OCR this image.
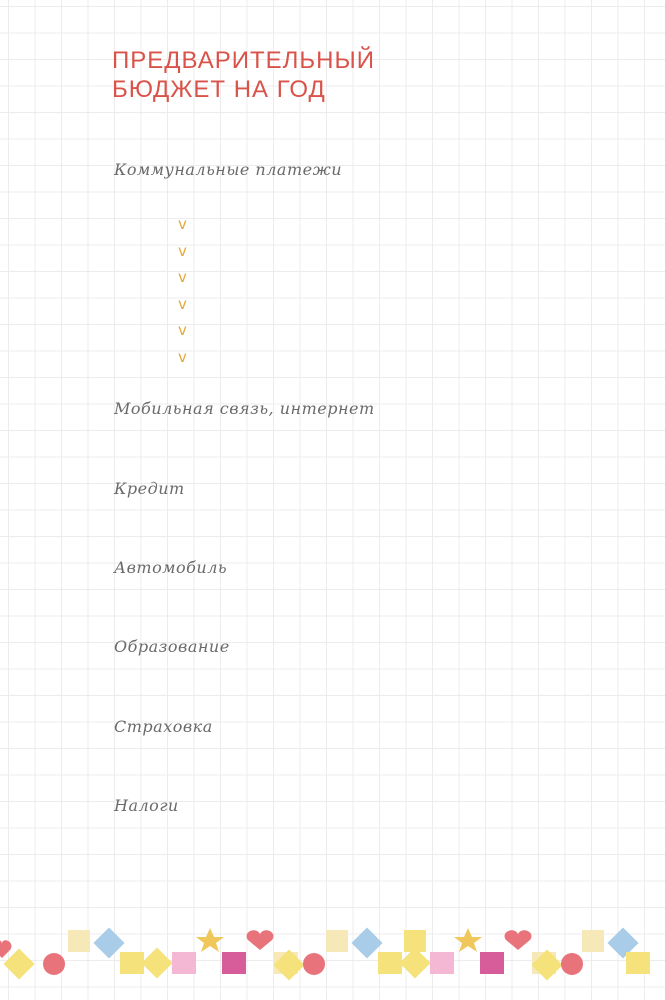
ПРЕДВАРИТЕЛЬНЫЙ
БЮДЖЕТ НА ГОД

Коммунальные платежи

v
v
v
v
v
v

Мобильная связь, интернет

Кредит

Автомобиль

Образование

Страховка

Налоги
